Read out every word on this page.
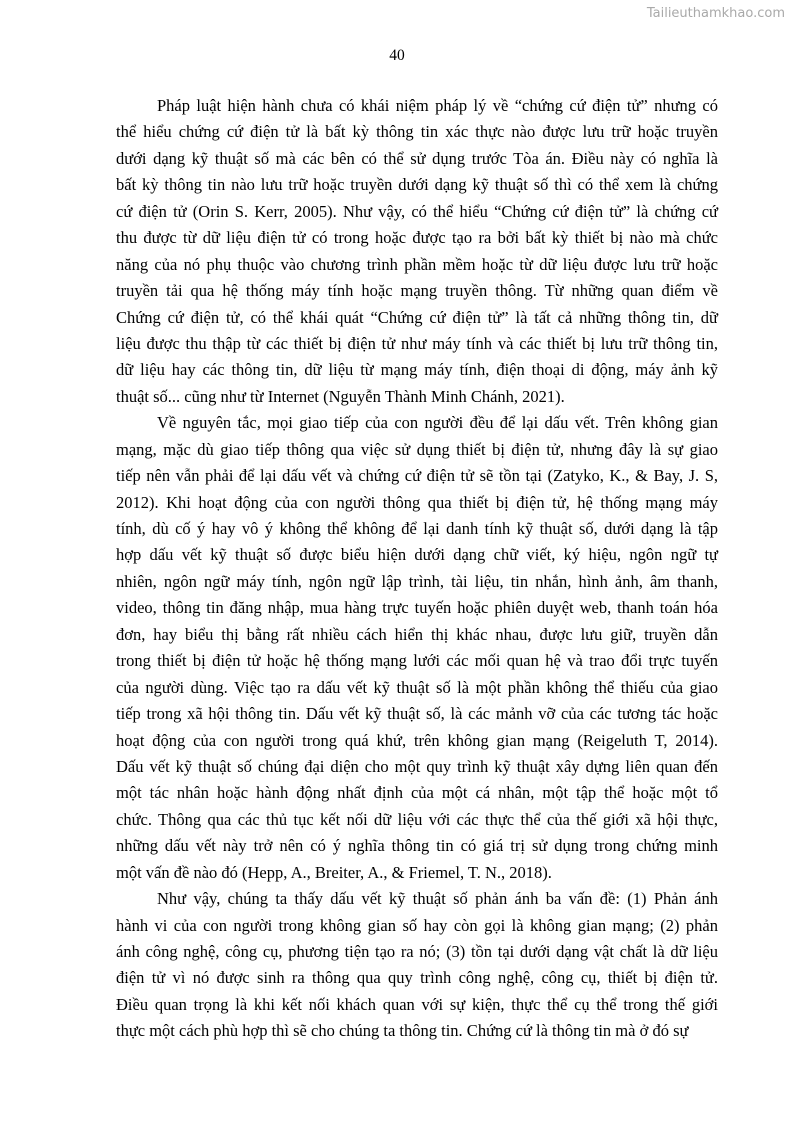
Tailieuthamkhao.com
40
Pháp luật hiện hành chưa có khái niệm pháp lý về “chứng cứ điện tử” nhưng có
thể hiểu chứng cứ điện tử là bất kỳ thông tin xác thực nào được lưu trữ hoặc truyền
dưới dạng kỹ thuật số mà các bên có thể sử dụng trước Tòa án. Điều này có nghĩa là
bất kỳ thông tin nào lưu trữ hoặc truyền dưới dạng kỹ thuật số thì có thể xem là chứng
cứ điện tử (Orin S. Kerr, 2005). Như vậy, có thể hiểu “Chứng cứ điện tử” là chứng cứ
thu được từ dữ liệu điện tử có trong hoặc được tạo ra bởi bất kỳ thiết bị nào mà chức
năng của nó phụ thuộc vào chương trình phần mềm hoặc từ dữ liệu được lưu trữ hoặc
truyền tải qua hệ thống máy tính hoặc mạng truyền thông. Từ những quan điểm về
Chứng cứ điện tử, có thể khái quát “Chứng cứ điện tử” là tất cả những thông tin, dữ
liệu được thu thập từ các thiết bị điện tử như máy tính và các thiết bị lưu trữ thông tin,
dữ liệu hay các thông tin, dữ liệu từ mạng máy tính, điện thoại di động, máy ảnh kỹ
thuật số... cũng như từ Internet (Nguyễn Thành Minh Chánh, 2021).
Về nguyên tắc, mọi giao tiếp của con người đều để lại dấu vết. Trên không gian
mạng, mặc dù giao tiếp thông qua việc sử dụng thiết bị điện tử, nhưng đây là sự giao
tiếp nên vẫn phải để lại dấu vết và chứng cứ điện tử sẽ tồn tại (Zatyko, K., & Bay, J. S,
2012). Khi hoạt động của con người thông qua thiết bị điện tử, hệ thống mạng máy
tính, dù cố ý hay vô ý không thể không để lại danh tính kỹ thuật số, dưới dạng là tập
hợp dấu vết kỹ thuật số được biểu hiện dưới dạng chữ viết, ký hiệu, ngôn ngữ tự
nhiên, ngôn ngữ máy tính, ngôn ngữ lập trình, tài liệu, tin nhắn, hình ảnh, âm thanh,
video, thông tin đăng nhập, mua hàng trực tuyến hoặc phiên duyệt web, thanh toán hóa
đơn, hay biểu thị bằng rất nhiều cách hiển thị khác nhau, được lưu giữ, truyền dẫn
trong thiết bị điện tử hoặc hệ thống mạng lưới các mối quan hệ và trao đổi trực tuyến
của người dùng. Việc tạo ra dấu vết kỹ thuật số là một phần không thể thiếu của giao
tiếp trong xã hội thông tin. Dấu vết kỹ thuật số, là các mảnh vỡ của các tương tác hoặc
hoạt động của con người trong quá khứ, trên không gian mạng (Reigeluth T, 2014).
Dấu vết kỹ thuật số chúng đại diện cho một quy trình kỹ thuật xây dựng liên quan đến
một tác nhân hoặc hành động nhất định của một cá nhân, một tập thể hoặc một tổ
chức. Thông qua các thủ tục kết nối dữ liệu với các thực thể của thế giới xã hội thực,
những dấu vết này trở nên có ý nghĩa thông tin có giá trị sử dụng trong chứng minh
một vấn đề nào đó (Hepp, A., Breiter, A., & Friemel, T. N., 2018).
Như vậy, chúng ta thấy dấu vết kỹ thuật số phản ánh ba vấn đề: (1) Phản ánh
hành vi của con người trong không gian số hay còn gọi là không gian mạng; (2) phản
ánh công nghệ, công cụ, phương tiện tạo ra nó; (3) tồn tại dưới dạng vật chất là dữ liệu
điện tử vì nó được sinh ra thông qua quy trình công nghệ, công cụ, thiết bị điện tử.
Điều quan trọng là khi kết nối khách quan với sự kiện, thực thể cụ thể trong thế giới
thực một cách phù hợp thì sẽ cho chúng ta thông tin. Chứng cứ là thông tin mà ở đó sự
